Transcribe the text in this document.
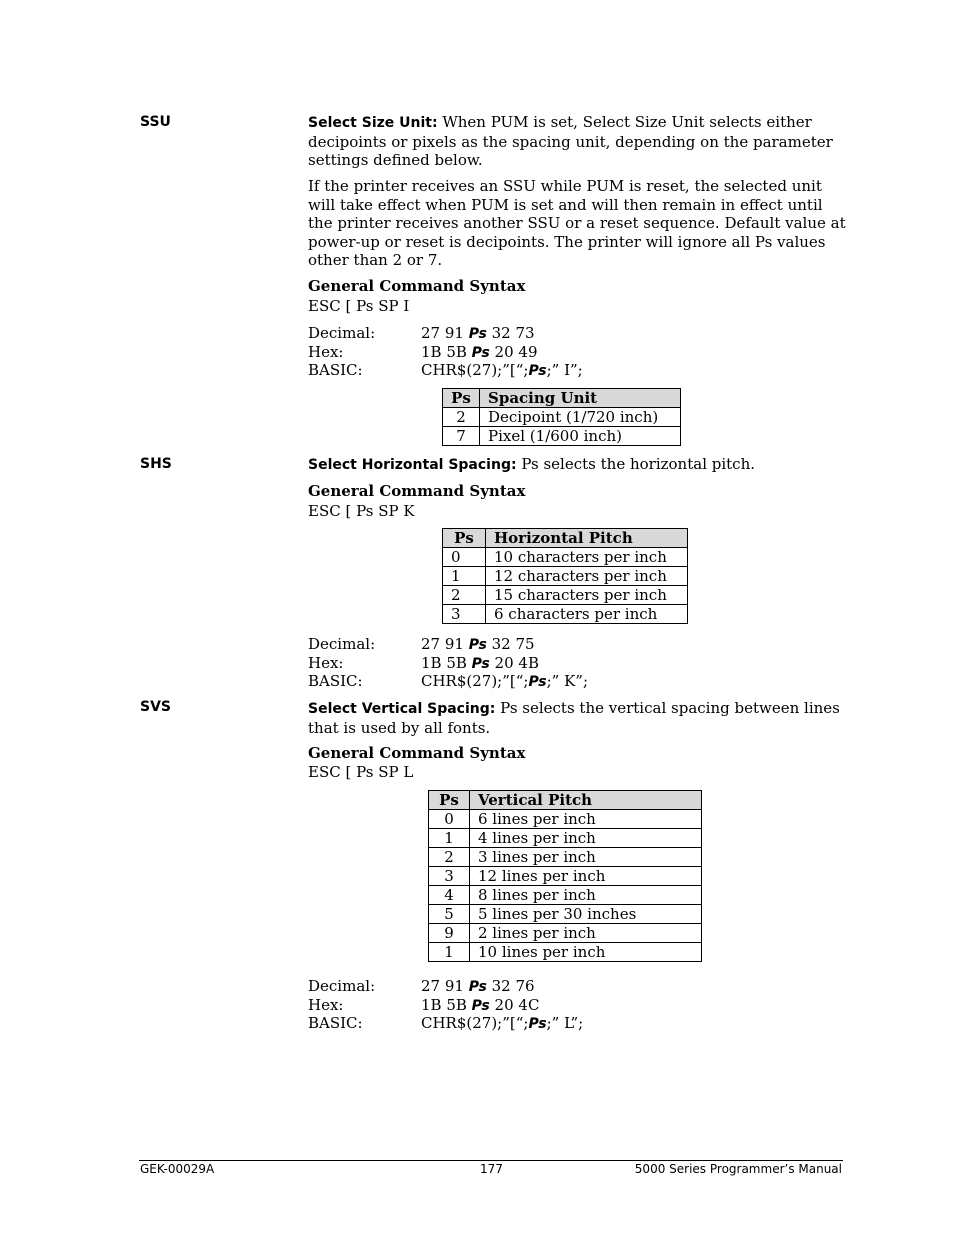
SSU	Select Size Unit: When PUM is set, Select Size Unit selects either decipoints or pixels as the spacing unit, depending on the parameter settings defined below.

If the printer receives an SSU while PUM is reset, the selected unit will take effect when PUM is set and will then remain in effect until the printer receives another SSU or a reset sequence. Default value at power-up or reset is decipoints. The printer will ignore all Ps values other than 2 or 7.
General Command Syntax
ESC [ Ps SP I
Decimal:	27 91 Ps 32 73
Hex:	1B 5B Ps 20 49
BASIC:	CHR$(27);”[“;Ps;” I”;
Ps	Spacing Unit
2	Decipoint (1/720 inch)
7	Pixel (1/600 inch)
SHS	Select Horizontal Spacing: Ps selects the horizontal pitch.

General Command Syntax
ESC [ Ps SP K
Ps	Horizontal Pitch
0	10 characters per inch
1	12 characters per inch
2	15 characters per inch
3	6 characters per inch
Decimal:	27 91 Ps 32 75
Hex:	1B 5B Ps 20 4B
BASIC:	CHR$(27);”[“;Ps;” K”;
SVS	Select Vertical Spacing: Ps selects the vertical spacing between lines that is used by all fonts.

General Command Syntax
ESC [ Ps SP L
Ps	Vertical Pitch
0	6 lines per inch
1	4 lines per inch
2	3 lines per inch
3	12 lines per inch
4	8 lines per inch
5	5 lines per 30 inches
9	2 lines per inch
1	10 lines per inch
Decimal:	27 91 Ps 32 76
Hex:	1B 5B Ps 20 4C
BASIC:	CHR$(27);”[“;Ps;” L”;
GEK-00029A	177	5000 Series Programmer’s Manual
